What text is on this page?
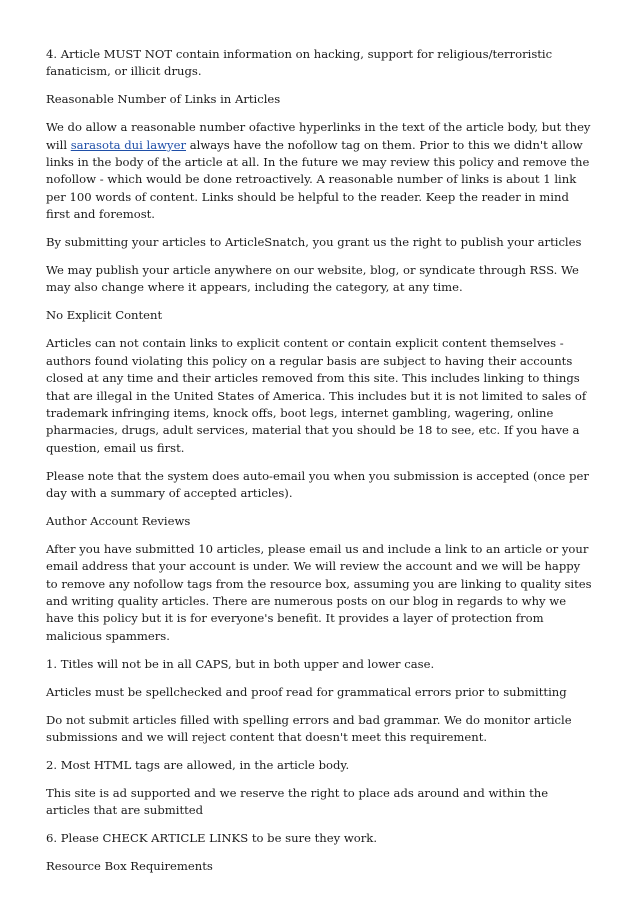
4. Article MUST NOT contain information on hacking, support for religious/terroristic fanaticism, or illicit drugs.

Reasonable Number of Links in Articles

We do allow a reasonable number ofactive hyperlinks in the text of the article body, but they will sarasota dui lawyer always have the nofollow tag on them. Prior to this we didn't allow links in the body of the article at all. In the future we may review this policy and remove the nofollow - which would be done retroactively. A reasonable number of links is about 1 link per 100 words of content. Links should be helpful to the reader. Keep the reader in mind first and foremost.

By submitting your articles to ArticleSnatch, you grant us the right to publish your articles

We may publish your article anywhere on our website, blog, or syndicate through RSS. We may also change where it appears, including the category, at any time.

No Explicit Content

Articles can not contain links to explicit content or contain explicit content themselves - authors found violating this policy on a regular basis are subject to having their accounts closed at any time and their articles removed from this site. This includes linking to things that are illegal in the United States of America. This includes but it is not limited to sales of trademark infringing items, knock offs, boot legs, internet gambling, wagering, online pharmacies, drugs, adult services, material that you should be 18 to see, etc. If you have a question, email us first.

Please note that the system does auto-email you when you submission is accepted (once per day with a summary of accepted articles).

Author Account Reviews

After you have submitted 10 articles, please email us and include a link to an article or your email address that your account is under. We will review the account and we will be happy to remove any nofollow tags from the resource box, assuming you are linking to quality sites and writing quality articles. There are numerous posts on our blog in regards to why we have this policy but it is for everyone's benefit. It provides a layer of protection from malicious spammers.

1. Titles will not be in all CAPS, but in both upper and lower case.

Articles must be spellchecked and proof read for grammatical errors prior to submitting

Do not submit articles filled with spelling errors and bad grammar. We do monitor article submissions and we will reject content that doesn't meet this requirement.

2. Most HTML tags are allowed, in the article body.

This site is ad supported and we reserve the right to place ads around and within the articles that are submitted

6. Please CHECK ARTICLE LINKS to be sure they work.

Resource Box Requirements
